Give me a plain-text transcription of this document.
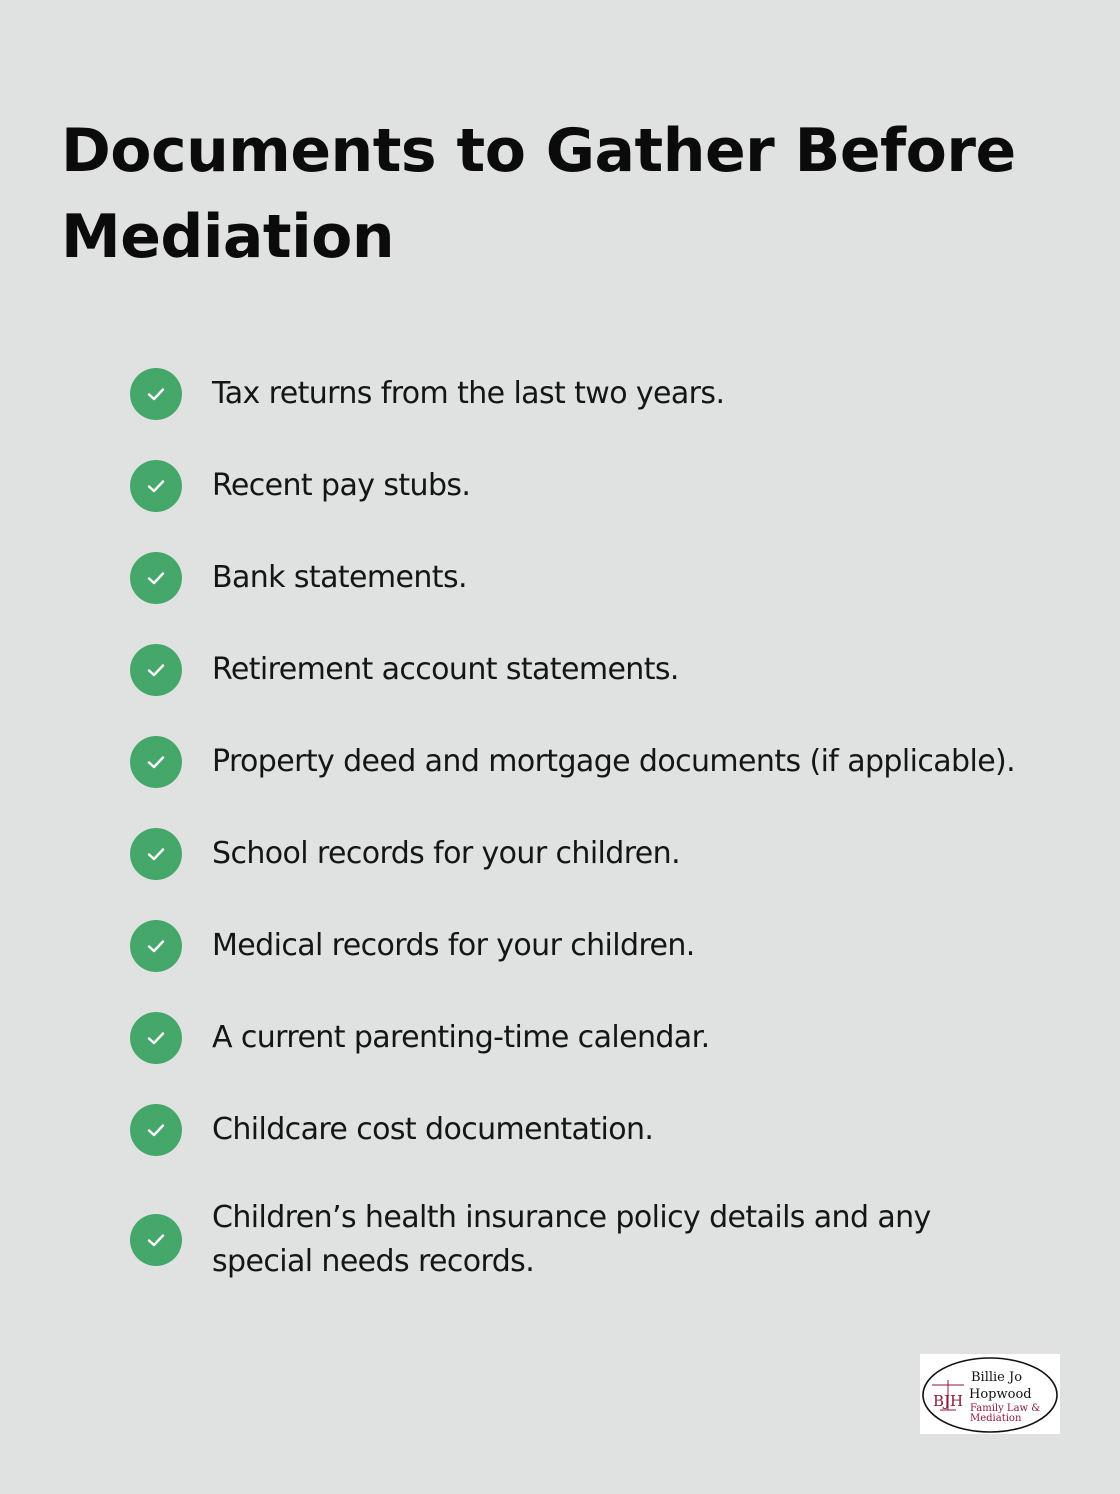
Documents to Gather Before Mediation
Tax returns from the last two years.
Recent pay stubs.
Bank statements.
Retirement account statements.
Property deed and mortgage documents (if applicable).
School records for your children.
Medical records for your children.
A current parenting-time calendar.
Childcare cost documentation.
Children’s health insurance policy details and any special needs records.
BJH
Billie Jo
Hopwood
Family Law &
Mediation
